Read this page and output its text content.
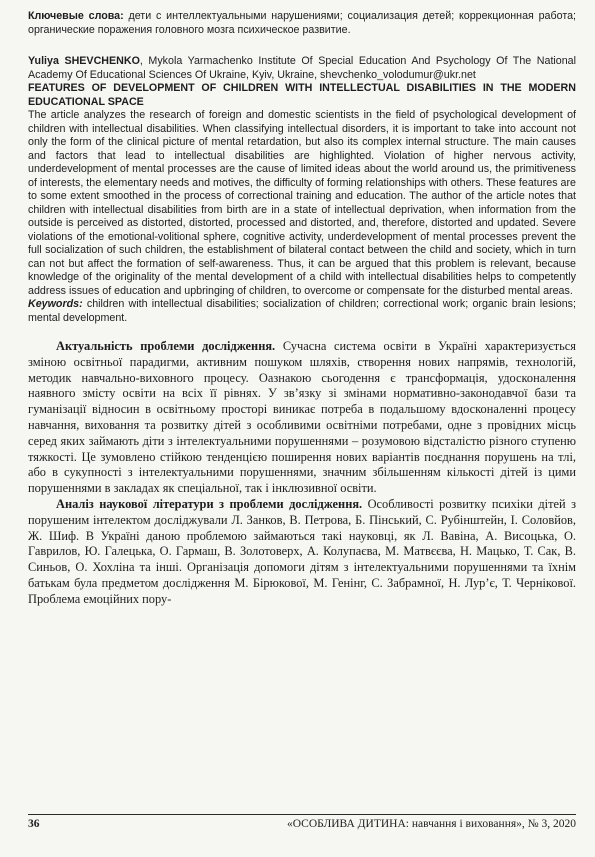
Ключевые слова: дети с интеллектуальными нарушениями; социализация детей; коррекционная работа; органические поражения головного мозга психическое развитие.

Yuliya SHEVCHENKO, Mykola Yarmachenko Institute Of Special Education And Psychology Of The National Academy Of Educational Sciences Of Ukraine, Kyiv, Ukraine, shevchenko_volodumur@ukr.net

FEATURES OF DEVELOPMENT OF CHILDREN WITH INTELLECTUAL DISABILITIES IN THE MODERN EDUCATIONAL SPACE

The article analyzes the research of foreign and domestic scientists in the field of psychological development of children with intellectual disabilities. When classifying intellectual disorders, it is important to take into account not only the form of the clinical picture of mental retardation, but also its complex internal structure. The main causes and factors that lead to intellectual disabilities are highlighted. Violation of higher nervous activity, underdevelopment of mental processes are the cause of limited ideas about the world around us, the primitiveness of interests, the elementary needs and motives, the difficulty of forming relationships with others. These features are to some extent smoothed in the process of correctional training and education. The author of the article notes that children with intellectual disabilities from birth are in a state of intellectual deprivation, when information from the outside is perceived as distorted, distorted, processed and distorted, and, therefore, distorted and updated. Severe violations of the emotional-volitional sphere, cognitive activity, underdevelopment of mental processes prevent the full socialization of such children, the establishment of bilateral contact between the child and society, which in turn can not but affect the formation of self-awareness. Thus, it can be argued that this problem is relevant, because knowledge of the originality of the mental development of a child with intellectual disabilities helps to competently address issues of education and upbringing of children, to overcome or compensate for the disturbed mental areas.

Keywords: children with intellectual disabilities; socialization of children; correctional work; organic brain lesions; mental development.

Актуальність проблеми дослідження. Сучасна система освіти в Україні характеризується зміною освітньої парадигми, активним пошуком шляхів, створення нових напрямів, технологій, методик навчально-виховного процесу. Оазнакою сьогодення є трансформація, удосконалення наявного змісту освіти на всіх її рівнях. У зв’язку зі змінами нормативно-законодавчої бази та гуманізації відносин в освітньому просторі виникає потреба в подальшому вдосконаленні процесу навчання, виховання та розвитку дітей з особливими освітніми потребами, одне з провідних місць серед яких займають діти з інтелектуальними порушеннями – розумовою відсталістю різного ступеню тяжкості. Це зумовлено стійкою тенденцією поширення нових варіантів поєднання порушень на тлі, або в сукупності з інтелектуальними порушеннями, значним збільшенням кількості дітей із цими порушеннями в закладах як спеціальної, так і інклюзивної освіти.

Аналіз наукової літератури з проблеми дослідження. Особливості розвитку психіки дітей з порушеним інтелектом досліджували Л. Занков, В. Петрова, Б. Пінський, С. Рубінштейн, І. Соловйов, Ж. Шиф. В Україні даною проблемою займаються такі науковці, як Л. Вавіна, А. Висоцька, О. Гаврилов, Ю. Галецька, О. Гармаш, В. Золотоверх, А. Колупаєва, М. Матвєєва, Н. Мацько, Т. Сак, В. Синьов, О. Хохліна та інші. Організація допомоги дітям з інтелектуальними порушеннями та їхнім батькам була предметом дослідження М. Бірюкової, М. Генінг, С. Забрамної, Н. Лур’є, Т. Чернікової. Проблема емоційних пору-

36	«ОСОБЛИВА ДИТИНА: навчання і виховання», № 3, 2020
